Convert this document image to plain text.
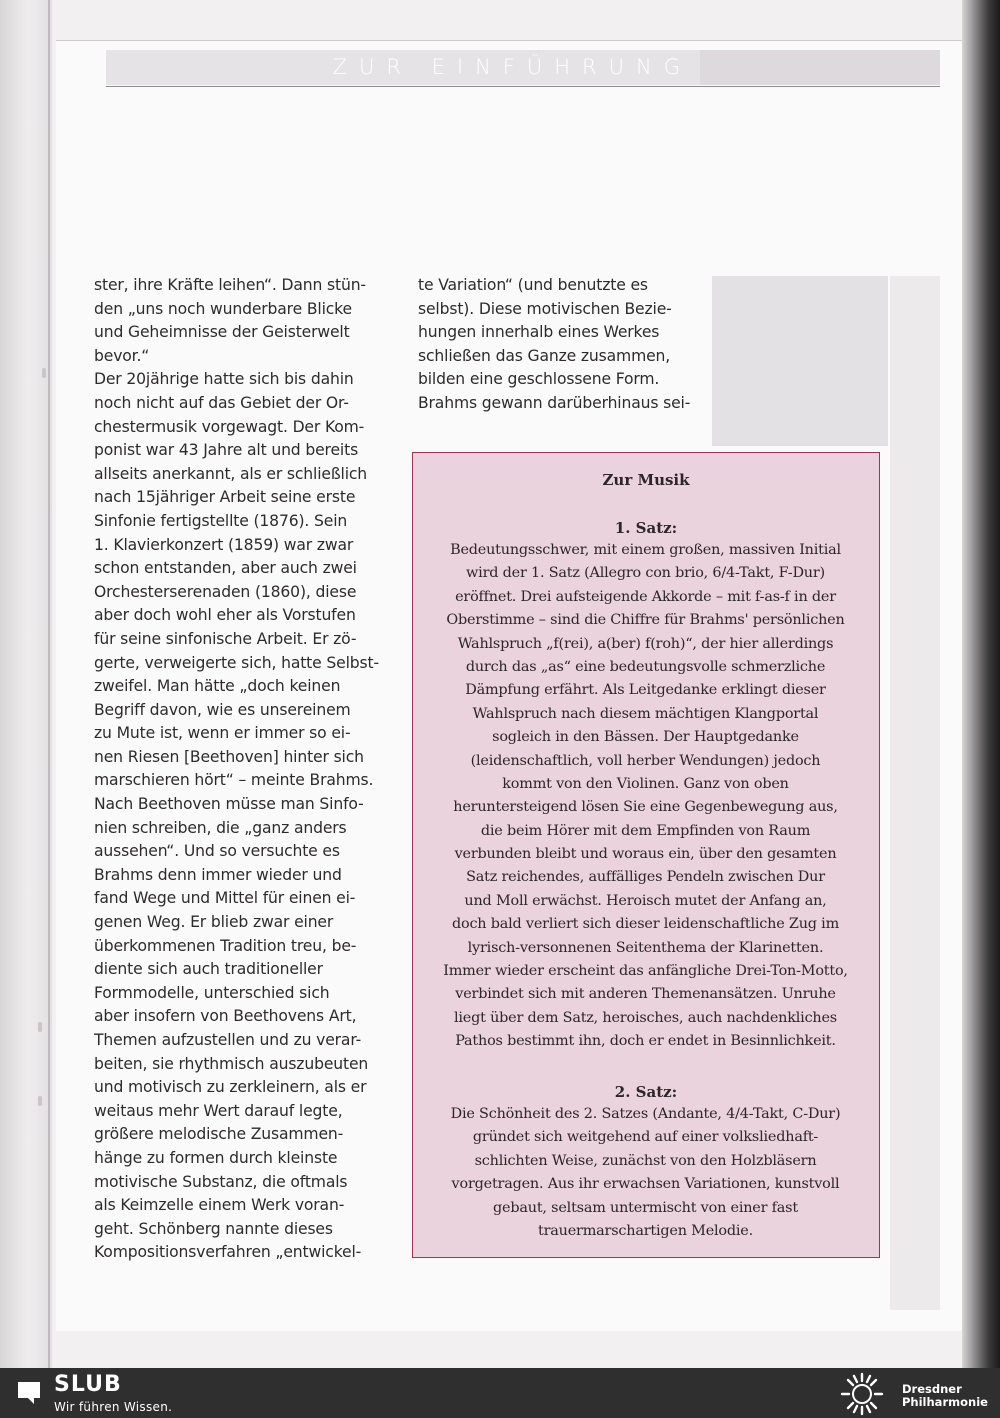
ZUR EINFÜHRUNG
ster, ihre Kräfte leihen“. Dann stün-
den „uns noch wunderbare Blicke
und Geheimnisse der Geisterwelt
bevor.“
Der 20jährige hatte sich bis dahin
noch nicht auf das Gebiet der Or-
chestermusik vorgewagt. Der Kom-
ponist war 43 Jahre alt und bereits
allseits anerkannt, als er schließlich
nach 15jähriger Arbeit seine erste
Sinfonie fertigstellte (1876). Sein
1. Klavierkonzert (1859) war zwar
schon entstanden, aber auch zwei
Orchesterserenaden (1860), diese
aber doch wohl eher als Vorstufen
für seine sinfonische Arbeit. Er zö-
gerte, verweigerte sich, hatte Selbst-
zweifel. Man hätte „doch keinen
Begriff davon, wie es unsereinem
zu Mute ist, wenn er immer so ei-
nen Riesen [Beethoven] hinter sich
marschieren hört“ – meinte Brahms.
Nach Beethoven müsse man Sinfo-
nien schreiben, die „ganz anders
aussehen“. Und so versuchte es
Brahms denn immer wieder und
fand Wege und Mittel für einen ei-
genen Weg. Er blieb zwar einer
überkommenen Tradition treu, be-
diente sich auch traditioneller
Formmodelle, unterschied sich
aber insofern von Beethovens Art,
Themen aufzustellen und zu verar-
beiten, sie rhythmisch auszubeuten
und motivisch zu zerkleinern, als er
weitaus mehr Wert darauf legte,
größere melodische Zusammen-
hänge zu formen durch kleinste
motivische Substanz, die oftmals
als Keimzelle einem Werk voran-
geht. Schönberg nannte dieses
Kompositionsverfahren „entwickel-
te Variation“ (und benutzte es
selbst). Diese motivischen Bezie-
hungen innerhalb eines Werkes
schließen das Ganze zusammen,
bilden eine geschlossene Form.
Brahms gewann darüberhinaus sei-
Zur Musik
1. Satz:
Bedeutungsschwer, mit einem großen, massiven Initial
wird der 1. Satz (Allegro con brio, 6/4-Takt, F-Dur)
eröffnet. Drei aufsteigende Akkorde – mit f-as-f in der
Oberstimme – sind die Chiffre für Brahms' persönlichen
Wahlspruch „f(rei), a(ber) f(roh)“, der hier allerdings
durch das „as“ eine bedeutungsvolle schmerzliche
Dämpfung erfährt. Als Leitgedanke erklingt dieser
Wahlspruch nach diesem mächtigen Klangportal
sogleich in den Bässen. Der Hauptgedanke
(leidenschaftlich, voll herber Wendungen) jedoch
kommt von den Violinen. Ganz von oben
heruntersteigend lösen Sie eine Gegenbewegung aus,
die beim Hörer mit dem Empfinden von Raum
verbunden bleibt und woraus ein, über den gesamten
Satz reichendes, auffälliges Pendeln zwischen Dur
und Moll erwächst. Heroisch mutet der Anfang an,
doch bald verliert sich dieser leidenschaftliche Zug im
lyrisch-versonnenen Seitenthema der Klarinetten.
Immer wieder erscheint das anfängliche Drei-Ton-Motto,
verbindet sich mit anderen Themenansätzen. Unruhe
liegt über dem Satz, heroisches, auch nachdenkliches
Pathos bestimmt ihn, doch er endet in Besinnlichkeit.
2. Satz:
Die Schönheit des 2. Satzes (Andante, 4/4-Takt, C-Dur)
gründet sich weitgehend auf einer volksliedhaft-
schlichten Weise, zunächst von den Holzbläsern
vorgetragen. Aus ihr erwachsen Variationen, kunstvoll
gebaut, seltsam untermischt von einer fast
trauermarschartigen Melodie.
SLUB
Wir führen Wissen.
Dresdner
Philharmonie
